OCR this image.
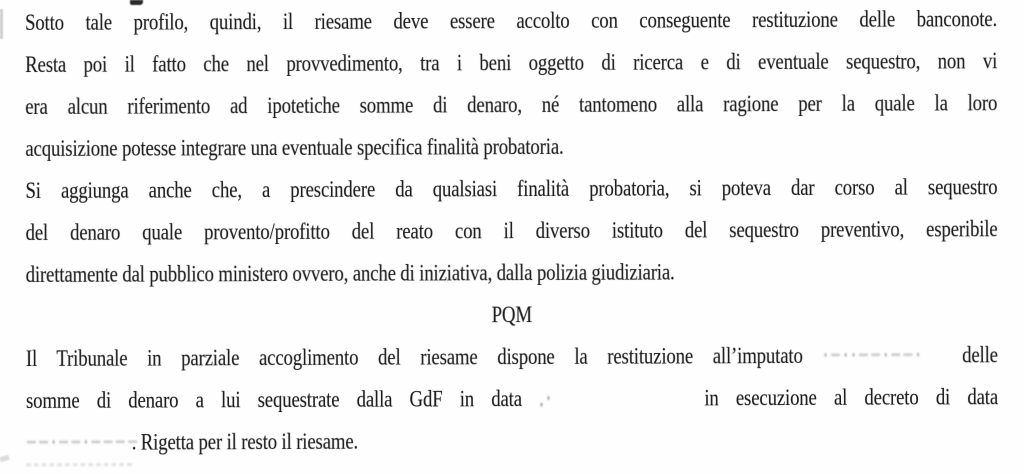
Sotto tale profilo, quindi, il riesame deve essere accolto con conseguente restituzione delle banconote.
Resta poi il fatto che nel provvedimento, tra i beni oggetto di ricerca e di eventuale sequestro, non vi
era alcun riferimento ad ipotetiche somme di denaro, né tantomeno alla ragione per la quale la loro
acquisizione potesse integrare una eventuale specifica finalità probatoria.
Si aggiunga anche che, a prescindere da qualsiasi finalità probatoria, si poteva dar corso al sequestro
del denaro quale provento/profitto del reato con il diverso istituto del sequestro preventivo, esperibile
direttamente dal pubblico ministero ovvero, anche di iniziativa, dalla polizia giudiziaria.
PQM
Il Tribunale in parziale accoglimento del riesame dispone la restituzione all’imputato ·−··−−·−−· delle
somme di denaro a lui sequestrate dalla GdF in data .·	in esecuzione al decreto di data
−−·−−·−−−−. Rigetta per il resto il riesame.
